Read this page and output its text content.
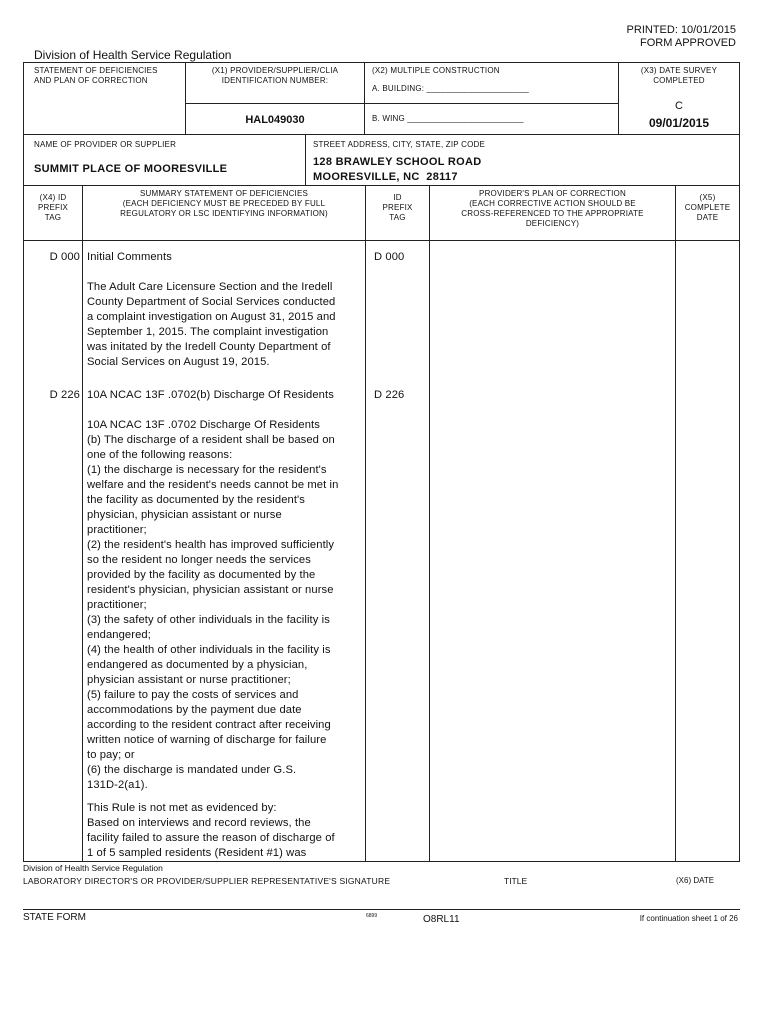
PRINTED: 10/01/2015
FORM APPROVED
Division of Health Service Regulation
STATEMENT OF DEFICIENCIES
AND PLAN OF CORRECTION
(X1) PROVIDER/SUPPLIER/CLIA
IDENTIFICATION NUMBER:
HAL049030
(X2) MULTIPLE CONSTRUCTION
A. BUILDING: ______________________
B. WING _________________________
(X3) DATE SURVEY
COMPLETED
C
09/01/2015
NAME OF PROVIDER OR SUPPLIER
SUMMIT PLACE OF MOORESVILLE
STREET ADDRESS, CITY, STATE, ZIP CODE
128 BRAWLEY SCHOOL ROAD
MOORESVILLE, NC  28117
(X4) ID
PREFIX
TAG
SUMMARY STATEMENT OF DEFICIENCIES
(EACH DEFICIENCY MUST BE PRECEDED BY FULL
REGULATORY OR LSC IDENTIFYING INFORMATION)
ID
PREFIX
TAG
PROVIDER'S PLAN OF CORRECTION
(EACH CORRECTIVE ACTION SHOULD BE
CROSS-REFERENCED TO THE APPROPRIATE
DEFICIENCY)
(X5)
COMPLETE
DATE
D 000 Initial Comments	D 000
The Adult Care Licensure Section and the Iredell
County Department of Social Services conducted
a complaint investigation on August 31, 2015 and
September 1, 2015. The complaint investigation
was initated by the Iredell County Department of
Social Services on August 19, 2015.
D 226 10A NCAC 13F .0702(b) Discharge Of Residents	D 226
10A NCAC 13F .0702 Discharge Of Residents
(b) The discharge of a resident shall be based on
one of the following reasons:
(1) the discharge is necessary for the resident's
welfare and the resident's needs cannot be met in
the facility as documented by the resident's
physician, physician assistant or nurse
practitioner;
(2) the resident's health has improved sufficiently
so the resident no longer needs the services
provided by the facility as documented by the
resident's physician, physician assistant or nurse
practitioner;
(3) the safety of other individuals in the facility is
endangered;
(4) the health of other individuals in the facility is
endangered as documented by a physician,
physician assistant or nurse practitioner;
(5) failure to pay the costs of services and
accommodations by the payment due date
according to the resident contract after receiving
written notice of warning of discharge for failure
to pay; or
(6) the discharge is mandated under G.S.
131D-2(a1).
This Rule is not met as evidenced by:
Based on interviews and record reviews, the
facility failed to assure the reason of discharge of
1 of 5 sampled residents (Resident #1) was
Division of Health Service Regulation
LABORATORY DIRECTOR'S OR PROVIDER/SUPPLIER REPRESENTATIVE'S SIGNATURE	TITLE	(X6) DATE
STATE FORM	6899	O8RL11	If continuation sheet 1 of 26
